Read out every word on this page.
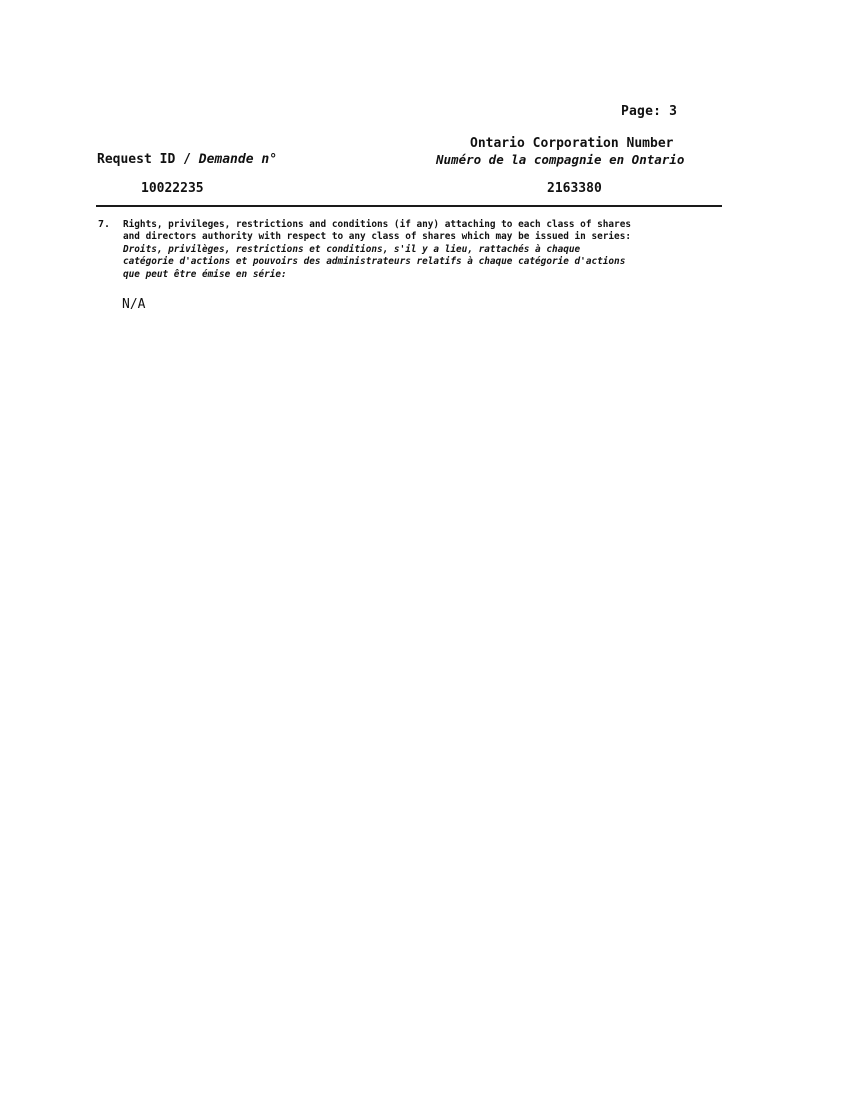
Page: 3
Ontario Corporation Number
Numéro de la compagnie en Ontario
Request ID / Demande n°
10022235	2163380
7. Rights, privileges, restrictions and conditions (if any) attaching to each class of shares
and directors authority with respect to any class of shares which may be issued in series:
Droits, privilèges, restrictions et conditions, s'il y a lieu, rattachés à chaque
catégorie d'actions et pouvoirs des administrateurs relatifs à chaque catégorie d'actions
que peut être émise en série:
N/A
